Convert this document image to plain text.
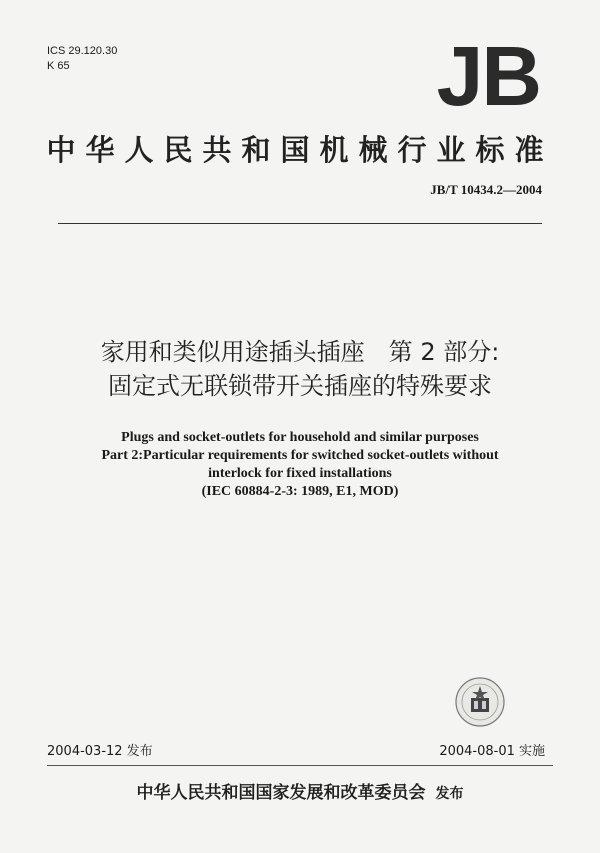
ICS 29.120.30
K 65	JB
中华人民共和国机械行业标准
JB/T 10434.2—2004
家用和类似用途插头插座　第 2 部分:
固定式无联锁带开关插座的特殊要求
Plugs and socket-outlets for household and similar purposes
Part 2:Particular requirements for switched socket-outlets without
interlock for fixed installations
(IEC 60884-2-3: 1989, E1, MOD)
2004-03-12 发布	2004-08-01 实施
中华人民共和国国家发展和改革委员会 发布
